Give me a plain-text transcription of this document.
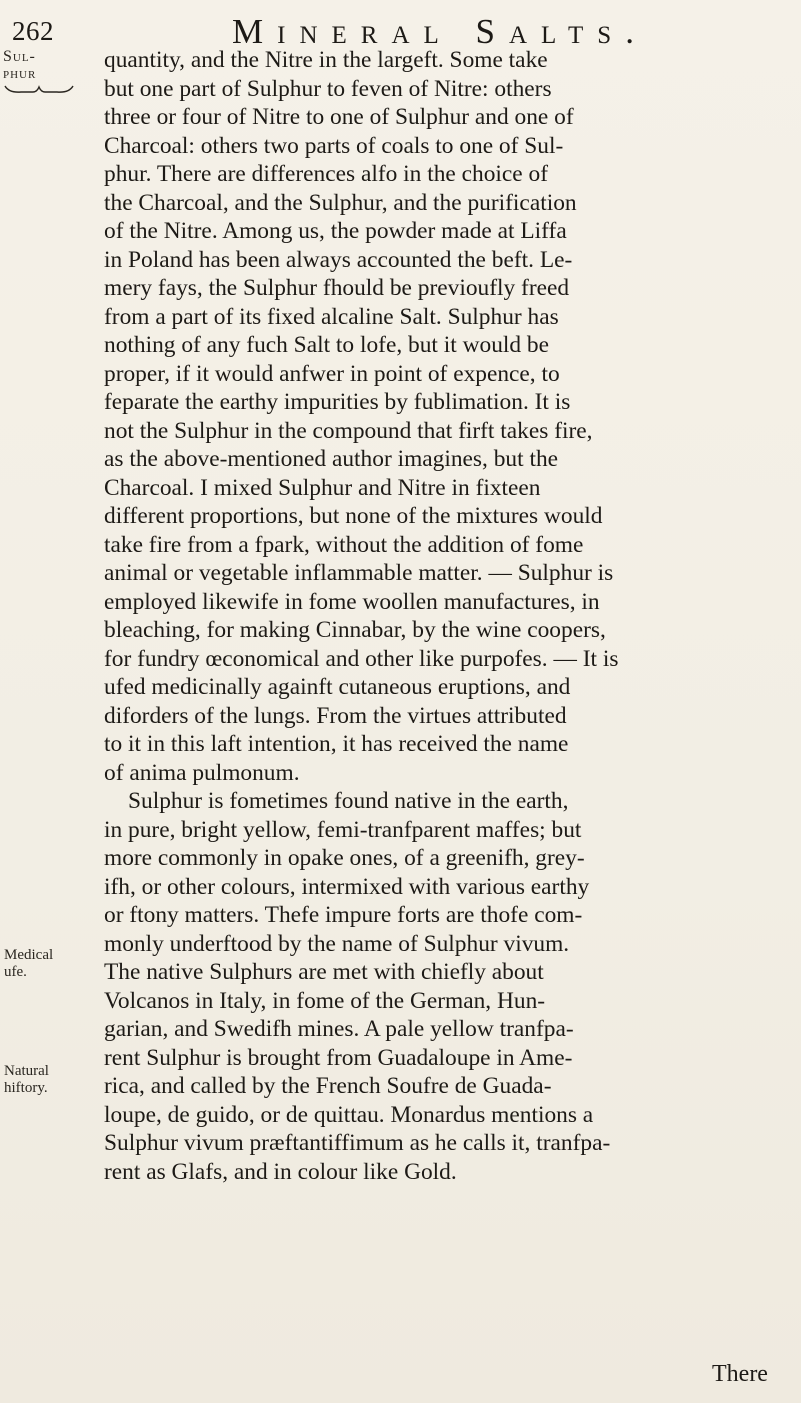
262	Mineral Salts.
Sul-
phur
Medical
ufe.
Natural
hiftory.
quantity, and the Nitre in the largeft. Some take
but one part of Sulphur to feven of Nitre: others
three or four of Nitre to one of Sulphur and one of
Charcoal: others two parts of coals to one of Sul-
phur. There are differences alfo in the choice of
the Charcoal, and the Sulphur, and the purification
of the Nitre. Among us, the powder made at Liffa
in Poland has been always accounted the beft. Le-
mery fays, the Sulphur fhould be previoufly freed
from a part of its fixed alcaline Salt. Sulphur has
nothing of any fuch Salt to lofe, but it would be
proper, if it would anfwer in point of expence, to
feparate the earthy impurities by fublimation. It is
not the Sulphur in the compound that firft takes fire,
as the above-mentioned author imagines, but the
Charcoal. I mixed Sulphur and Nitre in fixteen
different proportions, but none of the mixtures would
take fire from a fpark, without the addition of fome
animal or vegetable inflammable matter. — Sulphur is
employed likewife in fome woollen manufactures, in
bleaching, for making Cinnabar, by the wine coopers,
for fundry œconomical and other like purpofes. — It is
ufed medicinally againft cutaneous eruptions, and
diforders of the lungs. From the virtues attributed
to it in this laft intention, it has received the name
of anima pulmonum.
Sulphur is fometimes found native in the earth,
in pure, bright yellow, femi-tranfparent maffes; but
more commonly in opake ones, of a greenifh, grey-
ifh, or other colours, intermixed with various earthy
or ftony matters. Thefe impure forts are thofe com-
monly underftood by the name of Sulphur vivum.
The native Sulphurs are met with chiefly about
Volcanos in Italy, in fome of the German, Hun-
garian, and Swedifh mines. A pale yellow tranfpa-
rent Sulphur is brought from Guadaloupe in Ame-
rica, and called by the French Soufre de Guada-
loupe, de guido, or de quittau. Monardus mentions a
Sulphur vivum præftantiffimum as he calls it, tranfpa-
rent as Glafs, and in colour like Gold.
There
